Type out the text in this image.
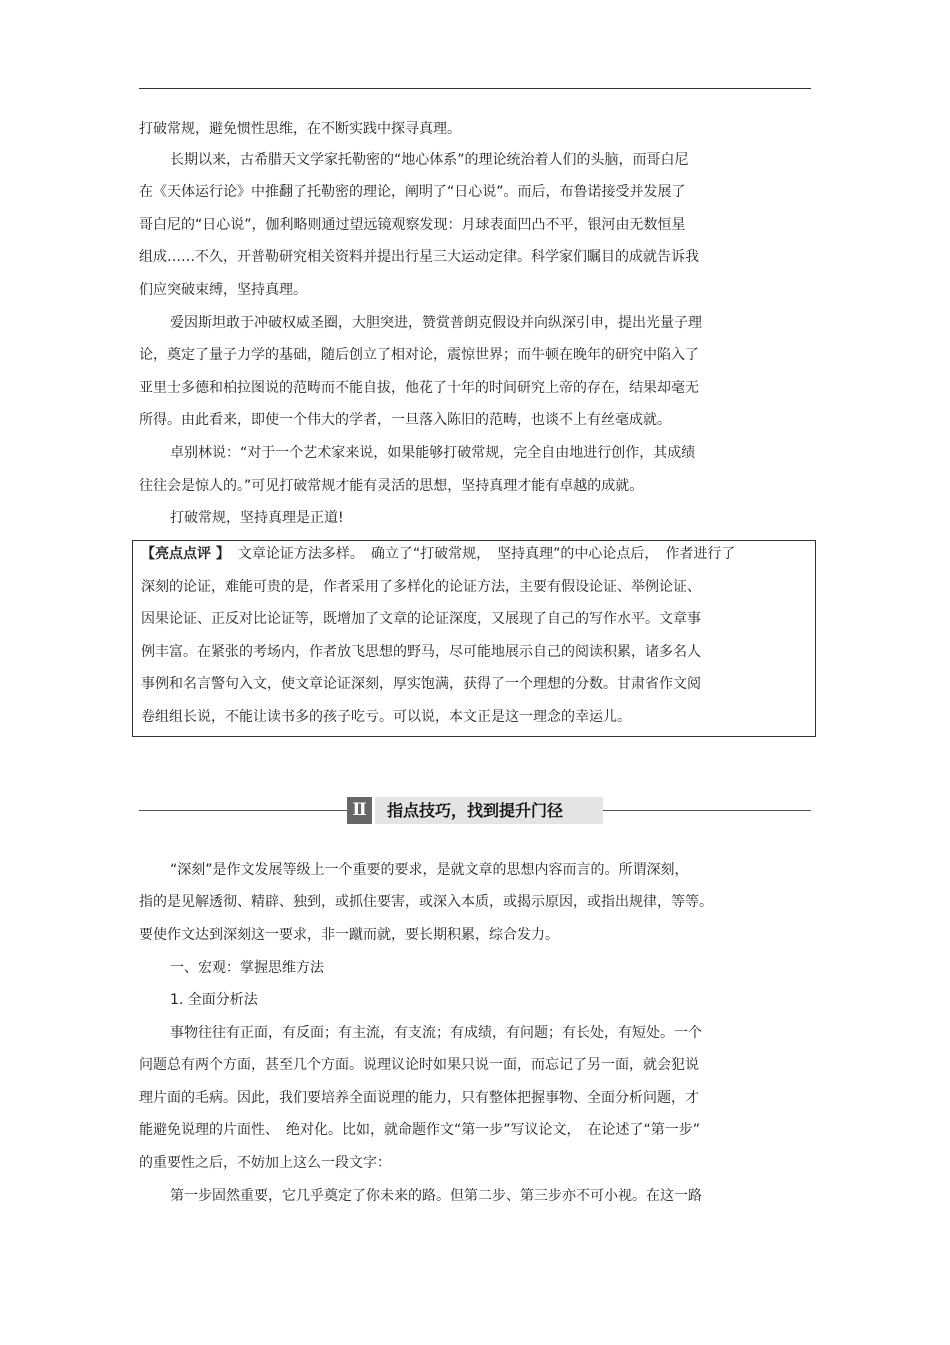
打破常规，避免惯性思维，在不断实践中探寻真理。
长期以来，古希腊天文学家托勒密的“地心体系”的理论统治着人们的头脑，而哥白尼
在《天体运行论》中推翻了托勒密的理论，阐明了“日心说”。而后，布鲁诺接受并发展了
哥白尼的“日心说”，伽利略则通过望远镜观察发现：月球表面凹凸不平，银河由无数恒星
组成……不久，开普勒研究相关资料并提出行星三大运动定律。科学家们瞩目的成就告诉我
们应突破束缚，坚持真理。
爱因斯坦敢于冲破权威圣圈，大胆突进，赞赏普朗克假设并向纵深引申，提出光量子理
论，奠定了量子力学的基础，随后创立了相对论，震惊世界；而牛顿在晚年的研究中陷入了
亚里士多德和柏拉图说的范畴而不能自拔，他花了十年的时间研究上帝的存在，结果却毫无
所得。由此看来，即使一个伟大的学者，一旦落入陈旧的范畴，也谈不上有丝毫成就。
卓别林说：“对于一个艺术家来说，如果能够打破常规，完全自由地进行创作，其成绩
往往会是惊人的。”可见打破常规才能有灵活的思想，坚持真理才能有卓越的成就。
打破常规，坚持真理是正道!
【亮点点评 】 文章论证方法多样。　确立了“打破常规，　坚持真理”的中心论点后，　作者进行了
深刻的论证，难能可贵的是，作者采用了多样化的论证方法，主要有假设论证、举例论证、
因果论证、正反对比论证等，既增加了文章的论证深度，又展现了自己的写作水平。文章事
例丰富。在紧张的考场内，作者放飞思想的野马，尽可能地展示自己的阅读积累，诸多名人
事例和名言警句入文，使文章论证深刻，厚实饱满，获得了一个理想的分数。甘肃省作文阅
卷组组长说，不能让读书多的孩子吃亏。可以说，本文正是这一理念的幸运儿。
Ⅱ	指点技巧，找到提升门径
“深刻”是作文发展等级上一个重要的要求，是就文章的思想内容而言的。所谓深刻，
指的是见解透彻、精辟、独到，或抓住要害，或深入本质，或揭示原因，或指出规律，等等。
要使作文达到深刻这一要求，非一蹴而就，要长期积累，综合发力。
一、宏观：掌握思维方法
1. 全面分析法
事物往往有正面，有反面；有主流，有支流；有成绩，有问题；有长处，有短处。一个
问题总有两个方面，甚至几个方面。说理议论时如果只说一面，而忘记了另一面，就会犯说
理片面的毛病。因此，我们要培养全面说理的能力，只有整体把握事物、全面分析问题，才
能避免说理的片面性、　绝对化。比如，就命题作文“第一步”写议论文，　在论述了“第一步”
的重要性之后，不妨加上这么一段文字：
第一步固然重要，它几乎奠定了你未来的路。但第二步、第三步亦不可小视。在这一路
